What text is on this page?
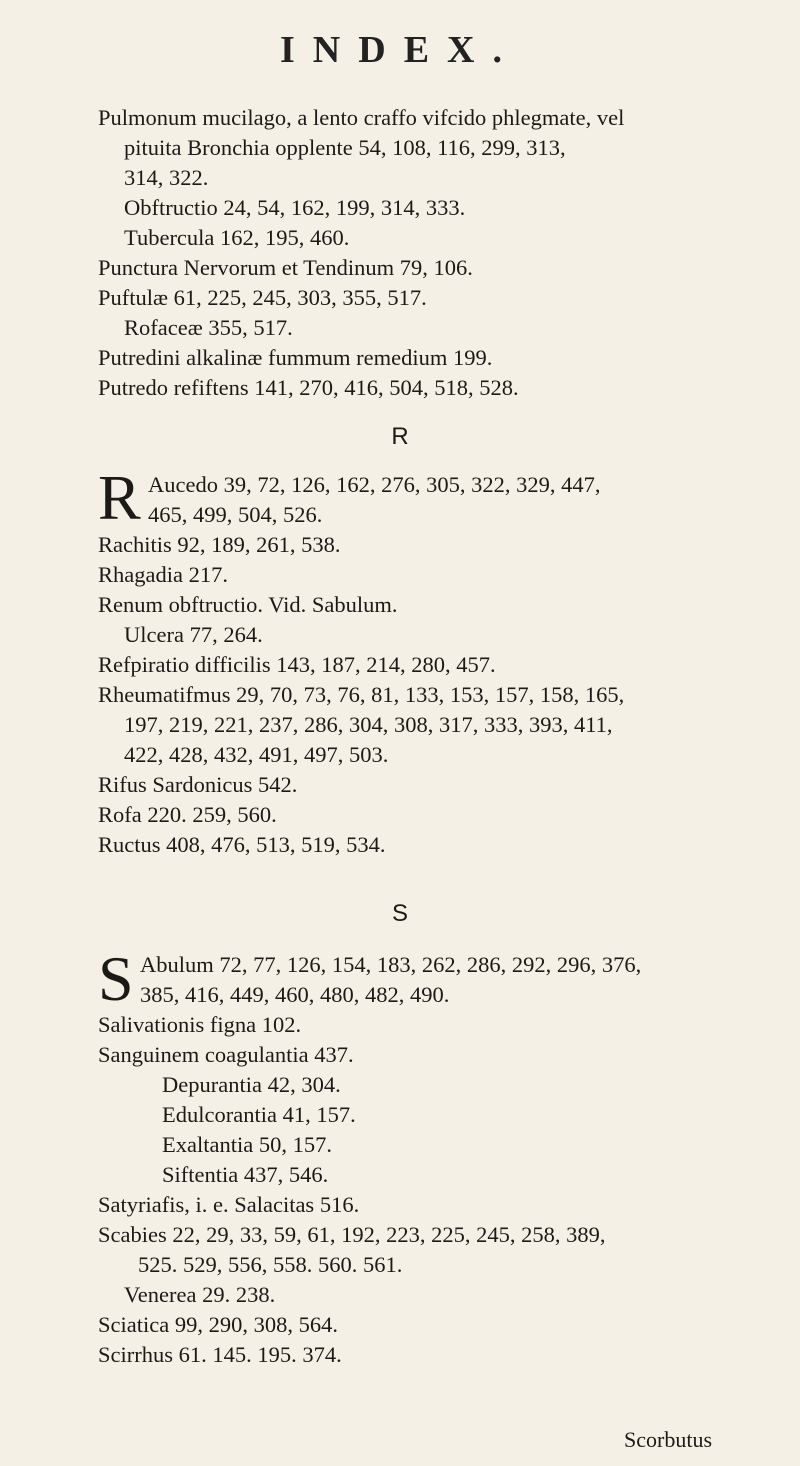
INDEX.
Pulmonum mucilago, a lento craffo vifcido phlegmate, vel
pituita Bronchia opplente 54, 108, 116, 299, 313,
314, 322.
Obftructio 24, 54, 162, 199, 314, 333.
Tubercula 162, 195, 460.
Punctura Nervorum et Tendinum 79, 106.
Puftulæ 61, 225, 245, 303, 355, 517.
Rofaceæ 355, 517.
Putredini alkalinæ fummum remedium 199.
Putredo refiftens 141, 270, 416, 504, 518, 528.
R
R Aucedo 39, 72, 126, 162, 276, 305, 322, 329, 447,
465, 499, 504, 526.
Rachitis 92, 189, 261, 538.
Rhagadia 217.
Renum obftructio. Vid. Sabulum.
Ulcera 77, 264.
Refpiratio difficilis 143, 187, 214, 280, 457.
Rheumatifmus 29, 70, 73, 76, 81, 133, 153, 157, 158, 165,
197, 219, 221, 237, 286, 304, 308, 317, 333, 393, 411,
422, 428, 432, 491, 497, 503.
Rifus Sardonicus 542.
Rofa 220. 259, 560.
Ructus 408, 476, 513, 519, 534.
S
S Abulum 72, 77, 126, 154, 183, 262, 286, 292, 296, 376,
385, 416, 449, 460, 480, 482, 490.
Salivationis figna 102.
Sanguinem coagulantia 437.
Depurantia 42, 304.
Edulcorantia 41, 157.
Exaltantia 50, 157.
Siftentia 437, 546.
Satyriafis, i. e. Salacitas 516.
Scabies 22, 29, 33, 59, 61, 192, 223, 225, 245, 258, 389,
525. 529, 556, 558. 560. 561.
Venerea 29. 238.
Sciatica 99, 290, 308, 564.
Scirrhus 61. 145. 195. 374.
Scorbutus
